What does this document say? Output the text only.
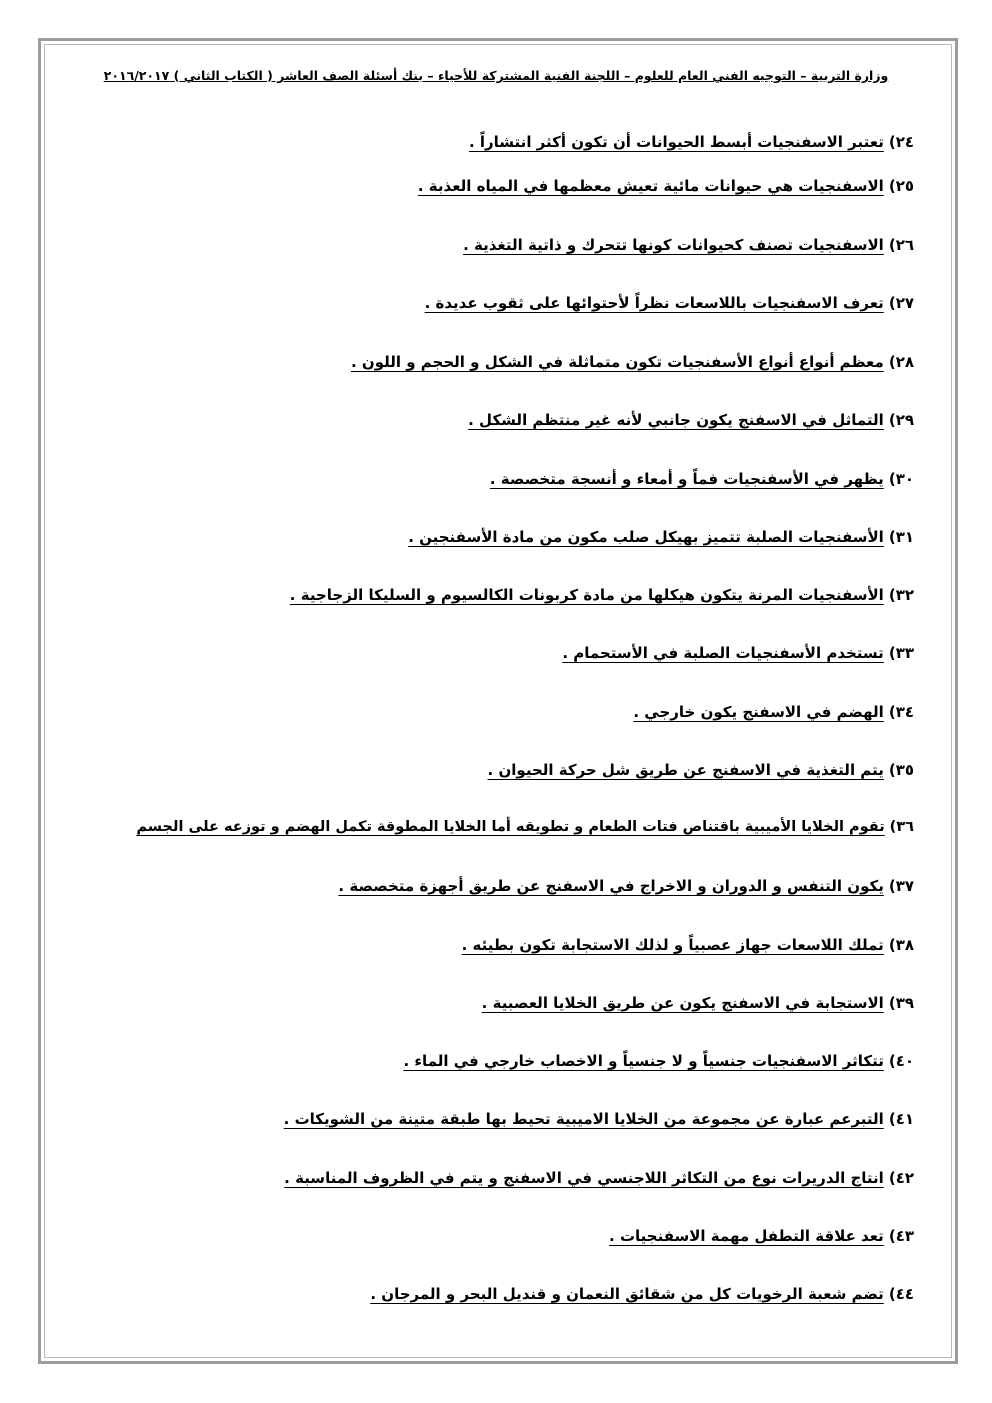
وزارة التربية – التوجيه الفني العام للعلوم – اللجنة الفنية المشتركة للأحياء – بنك أسئلة الصف العاشر ( الكتاب الثاني ) ٢٠١٦/٢٠١٧
٢٤)تعتبر الاسفنجيات أبسط الحيوانات أن تكون أكثر انتشاراً .
٢٥)الاسفنجيات هي حيوانات مائية تعيش معظمها في المياه العذبة .
٢٦)الاسفنجيات تصنف كحيوانات كونها تتحرك و ذاتية التغذية .
٢٧)تعرف الاسفنجيات باللاسعات نظراً لأحتوائها على ثقوب عديدة .
٢٨)معظم أنواع أنواع الأسفنجيات تكون متماثلة في الشكل و الحجم و اللون .
٢٩)التماثل في الاسفنج يكون جانبي لأنه غير منتظم الشكل .
٣٠)يظهر في الأسفنجيات فماً و أمعاء و أنسجة متخصصة .
٣١)الأسفنجيات الصلبة تتميز بهيكل صلب مكون من مادة الأسفنجين .
٣٢)الأسفنجيات المرنة يتكون هيكلها من مادة كربونات الكالسيوم و السليكا الزجاجية .
٣٣)تستخدم الأسفنجيات الصلبة في الأستحمام .
٣٤)الهضم في الاسفنج يكون خارجي .
٣٥)يتم التغذية في الاسفنج عن طريق شل حركة الحيوان .
٣٦)تقوم الخلايا الأميبية باقتناص فتات الطعام و تطويقه أما الخلايا المطوقة تكمل الهضم و توزعه على الجسم
٣٧)يكون التنفس و الدوران و الاخراج في الاسفنج عن طريق أجهزة متخصصة .
٣٨)تملك اللاسعات جهاز عصبياً و لذلك الاستجابة تكون بطيئه .
٣٩)الاستجابة في الاسفنج يكون عن طريق الخلايا العصبية .
٤٠)تتكاثر الاسفنجيات جنسياً و لا جنسياً و الاخصاب خارجي في الماء .
٤١)التبرعم عبارة عن مجموعة من الخلايا الاميبية تحيط بها طبقة متينة من الشويكات .
٤٢)انتاج الدريرات نوع من التكاثر اللاجنسي في الاسفنج و يتم في الظروف المناسبة .
٤٣)تعد علاقة التطفل مهمة الاسفنجيات .
٤٤)تضم شعبة الرخويات كل من شقائق النعمان و قنديل البحر و المرجان .
